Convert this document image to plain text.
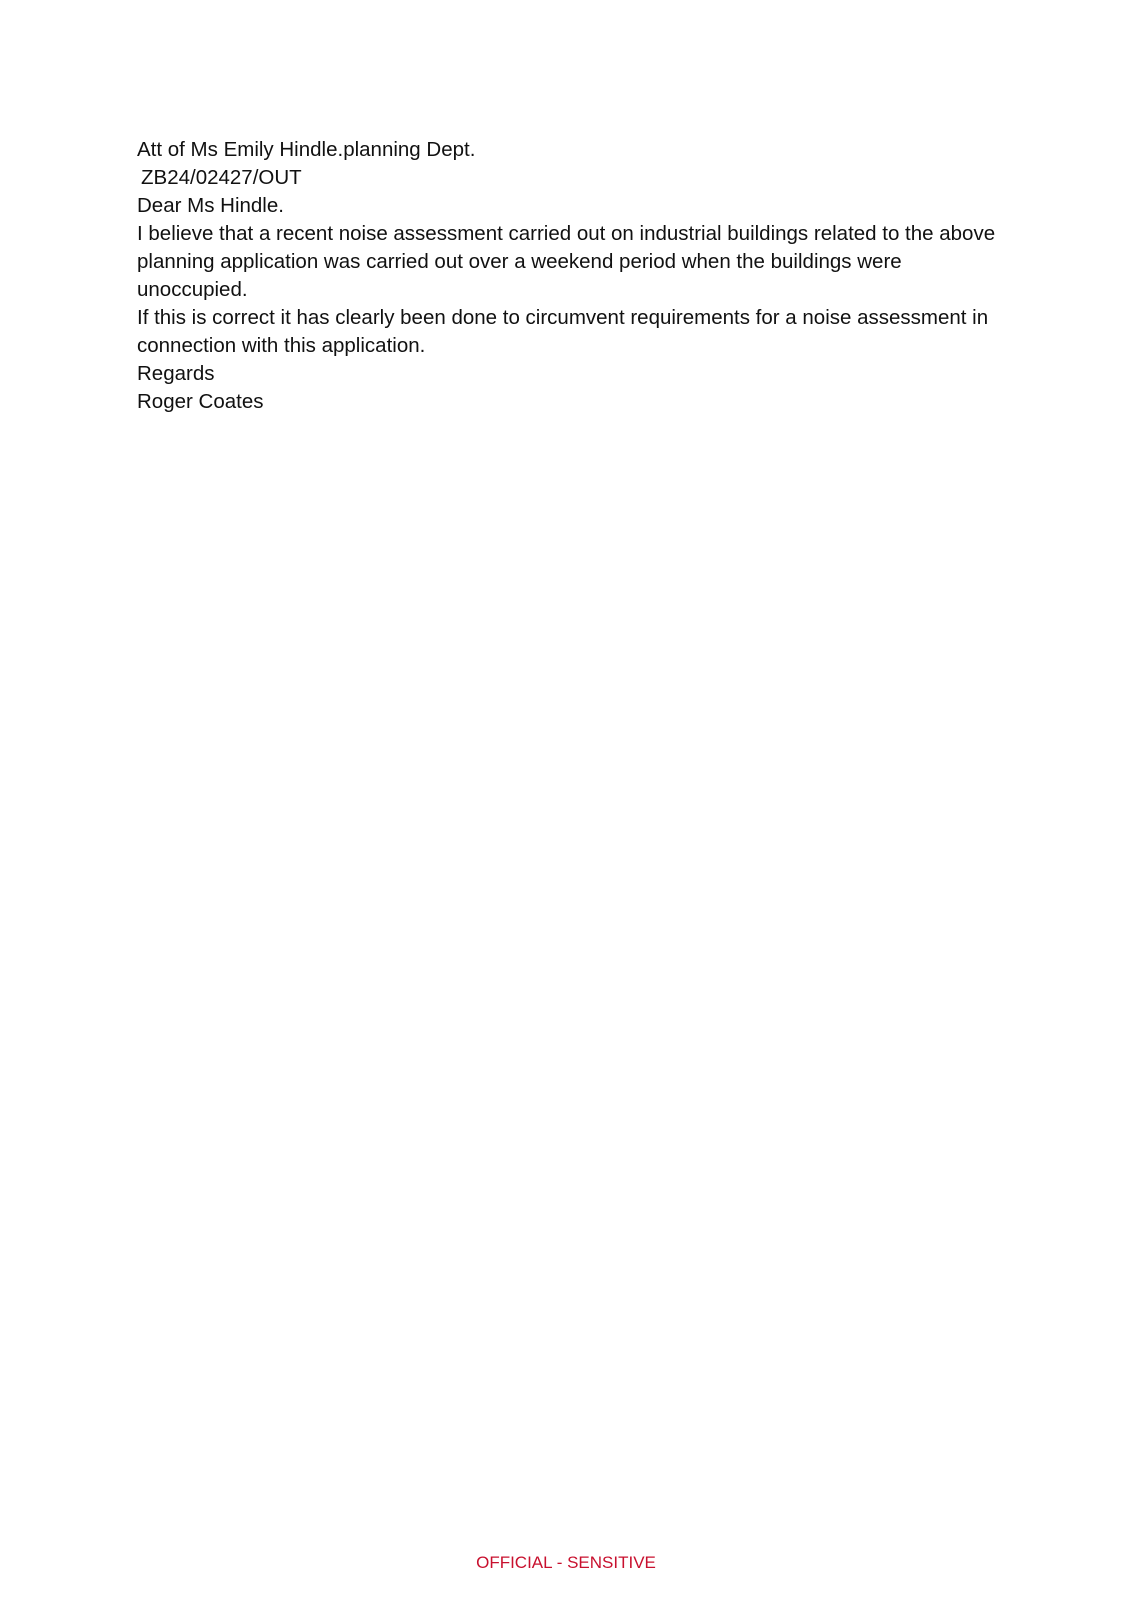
Att of Ms Emily Hindle.planning Dept.

ZB24/02427/OUT

Dear Ms Hindle.

I believe that a recent noise assessment carried out on industrial buildings related to the above planning application was carried out over a weekend period when the buildings were unoccupied.

If this is correct it has clearly been done to circumvent requirements for a noise assessment in connection with this application.

Regards

Roger Coates

OFFICIAL - SENSITIVE
